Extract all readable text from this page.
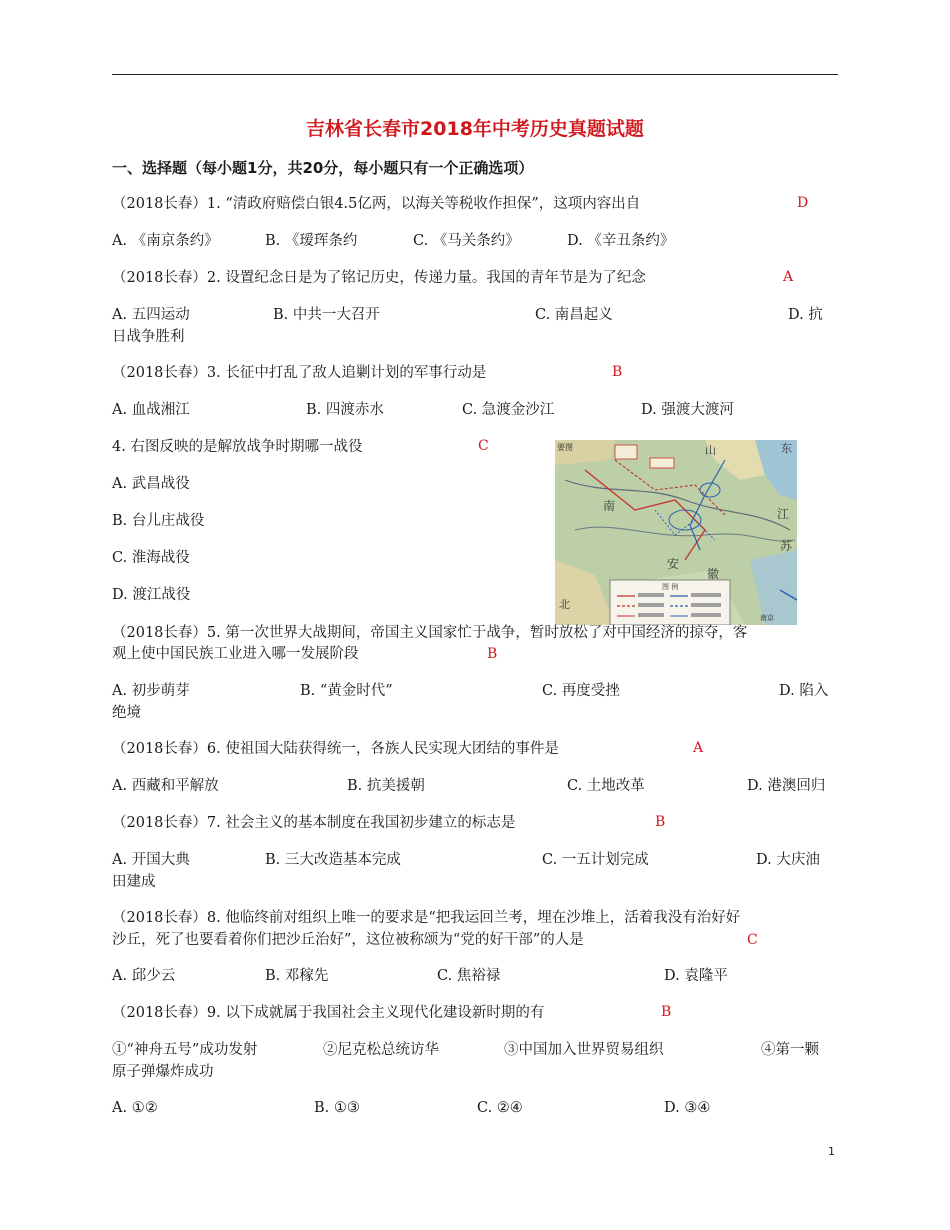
吉林省长春市2018年中考历史真题试题
一、选择题（每小题1分，共20分，每小题只有一个正确选项）
（2018长春）1. “清政府赔偿白银4.5亿两，以海关等税收作担保”，这项内容出自	D
A. 《南京条约》	B. 《瑷珲条约	C. 《马关条约》	D. 《辛丑条约》
（2018长春）2. 设置纪念日是为了铭记历史，传递力量。我国的青年节是为了纪念	A
A. 五四运动	B. 中共一大召开	C. 南昌起义	D. 抗
日战争胜利
（2018长春）3. 长征中打乱了敌人追剿计划的军事行动是	B
A. 血战湘江	B. 四渡赤水	C. 急渡金沙江	D. 强渡大渡河
4. 右图反映的是解放战争时期哪一战役	C
A. 武昌战役
B. 台儿庄战役
C. 淮海战役
D. 渡江战役	图 例
要图	山	东
南
江
苏
安
徽
北
南京
（2018长春）5. 第一次世界大战期间，帝国主义国家忙于战争，暂时放松了对中国经济的掠夺，客
观上使中国民族工业进入哪一发展阶段	B
A. 初步萌芽	B. “黄金时代”	C. 再度受挫	D. 陷入
绝境
（2018长春）6. 使祖国大陆获得统一，各族人民实现大团结的事件是	A
A. 西藏和平解放	B. 抗美援朝	C. 土地改革	D. 港澳回归
（2018长春）7. 社会主义的基本制度在我国初步建立的标志是	B
A. 开国大典	B. 三大改造基本完成	C. 一五计划完成	D. 大庆油
田建成
（2018长春）8. 他临终前对组织上唯一的要求是“把我运回兰考，埋在沙堆上，活着我没有治好好
沙丘，死了也要看着你们把沙丘治好”，这位被称颂为“党的好干部”的人是	C
A. 邱少云	B. 邓稼先	C. 焦裕禄	D. 袁隆平
（2018长春）9. 以下成就属于我国社会主义现代化建设新时期的有	B
①“神舟五号”成功发射	②尼克松总统访华	③中国加入世界贸易组织	④第一颗
原子弹爆炸成功
A. ①②	B. ①③	C. ②④	D. ③④
1
